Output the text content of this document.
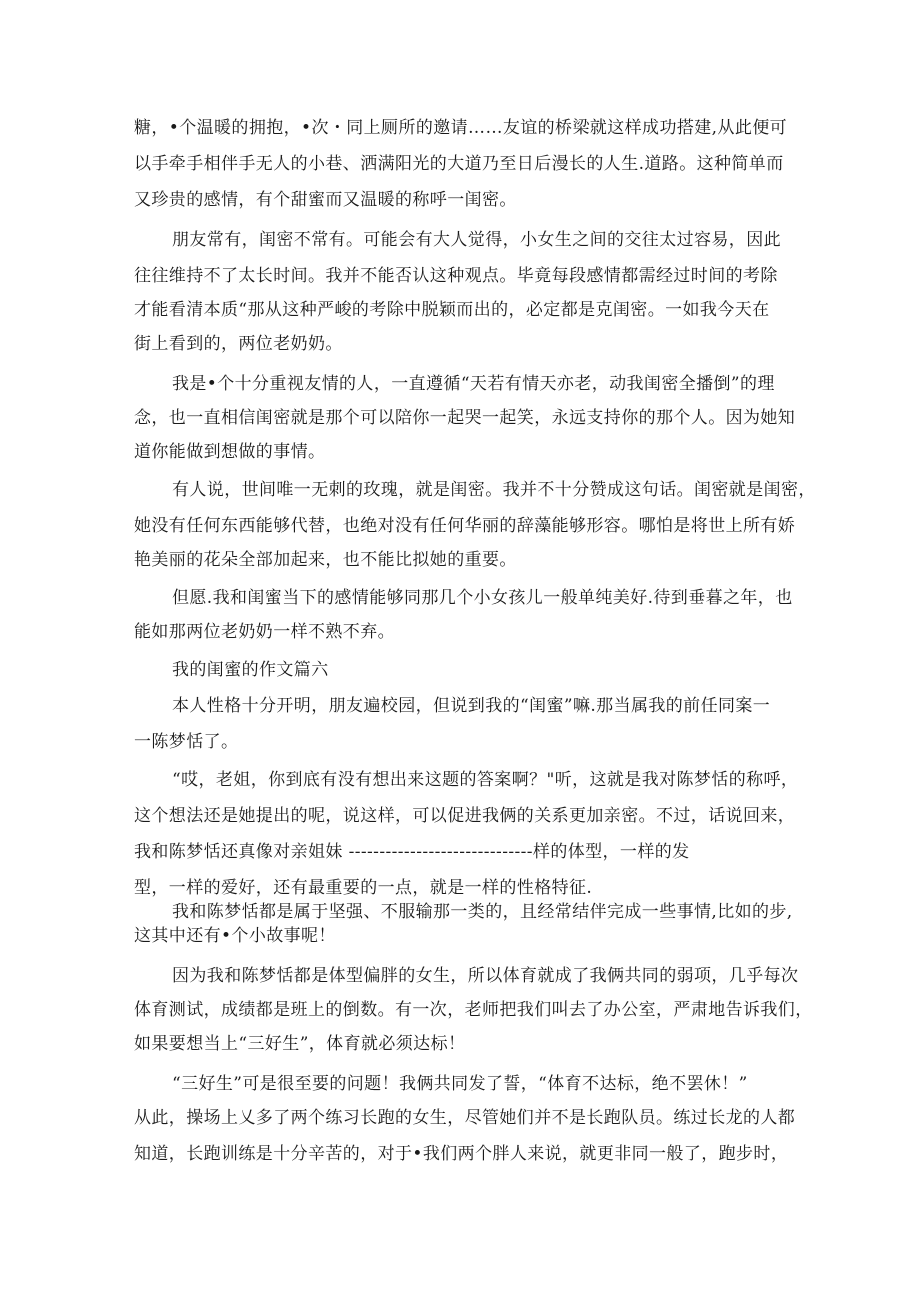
糖，•个温暖的拥抱，•次・同上厕所的邀请……友谊的桥梁就这样成功搭建,从此便可
以手牵手相伴手无人的小巷、洒满阳光的大道乃至日后漫长的人生.道路。这种简单而
又珍贵的感情，有个甜蜜而又温暖的称呼一闺密。
朋友常有，闺密不常有。可能会有大人觉得，小女生之间的交往太过容易，因此
往往维持不了太长时间。我并不能否认这种观点。毕竟每段感情都需经过时间的考除
才能看清本质“那从这种严峻的考除中脱颖而出的，必定都是克闺密。一如我今天在
街上看到的，两位老奶奶。
我是•个十分重视友情的人，一直遵循“天若有情天亦老，动我闺密全播倒”的理
念，也一直相信闺密就是那个可以陪你一起哭一起笑，永远支持你的那个人。因为她知
道你能做到想做的事情。
有人说，世间唯一无刺的玫瑰，就是闺密。我并不十分赞成这句话。闺密就是闺密，
她没有任何东西能够代替，也绝对没有任何华丽的辞藻能够形容。哪怕是将世上所有娇
艳美丽的花朵全部加起来，也不能比拟她的重要。
但愿.我和闺蜜当下的感情能够同那几个小女孩儿一般单纯美好.待到垂暮之年，也
能如那两位老奶奶一样不熟不弃。
我的闺蜜的作文篇六
本人性格十分开明，朋友遍校园，但说到我的“闺蜜”嘛.那当属我的前任同案一
一陈梦恬了。
“哎，老姐，你到底有没有想出来这题的答案啊？"听，这就是我对陈梦恬的称呼，
这个想法还是她提出的呢，说这样，可以促进我俩的关系更加亲密。不过，话说回来，
我和陈梦恬还真像对亲姐妹 ------------------------------样的体型，一样的发
型，一样的爱好，还有最重要的一点，就是一样的性格特征.
我和陈梦恬都是属于坚强、不服输那一类的，且经常结伴完成一些事情,比如的步,
这其中还有•个小故事呢！
因为我和陈梦恬都是体型偏胖的女生，所以体育就成了我俩共同的弱项，几乎每次
体育测试，成绩都是班上的倒数。有一次，老师把我们叫去了办公室，严肃地告诉我们，
如果要想当上“三好生”，体育就必须达标！
“三好生”可是很至要的问题！我俩共同发了誓，“体育不达标，绝不罢休！”
从此，操场上乂多了两个练习长跑的女生，尽管她们并不是长跑队员。练过长龙的人都
知道，长跑训练是十分辛苦的，对于•我们两个胖人来说，就更非同一般了，跑步时，
